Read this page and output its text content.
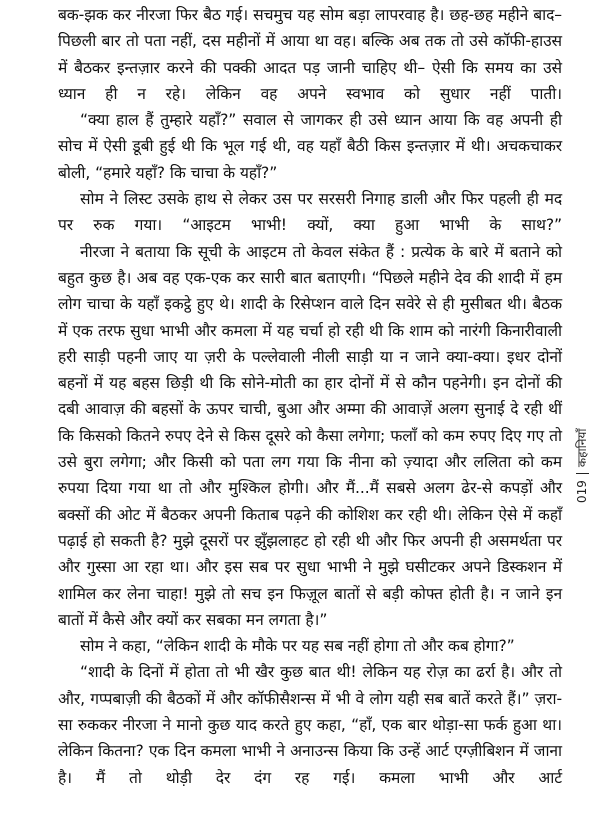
बक-झक कर नीरजा फिर बैठ गई। सचमुच यह सोम बड़ा लापरवाह है। छह-छह महीने बाद– पिछली बार तो पता नहीं, दस महीनों में आया था वह। बल्कि अब तक तो उसे कॉफी-हाउस में बैठकर इन्तज़ार करने की पक्की आदत पड़ जानी चाहिए थी– ऐसी कि समय का उसे ध्यान ही न रहे। लेकिन वह अपने स्वभाव को सुधार नहीं पाती।

“क्या हाल हैं तुम्हारे यहाँ?” सवाल से जागकर ही उसे ध्यान आया कि वह अपनी ही सोच में ऐसी डूबी हुई थी कि भूल गई थी, वह यहाँ बैठी किस इन्तज़ार में थी। अचकचाकर बोली, “हमारे यहाँ? कि चाचा के यहाँ?”

सोम ने लिस्ट उसके हाथ से लेकर उस पर सरसरी निगाह डाली और फिर पहली ही मद पर रुक गया। “आइटम भाभी! क्यों, क्या हुआ भाभी के साथ?”

नीरजा ने बताया कि सूची के आइटम तो केवल संकेत हैं : प्रत्येक के बारे में बताने को बहुत कुछ है। अब वह एक-एक कर सारी बात बताएगी। “पिछले महीने देव की शादी में हम लोग चाचा के यहाँ इकट्ठे हुए थे। शादी के रिसेप्शन वाले दिन सवेरे से ही मुसीबत थी। बैठक में एक तरफ सुधा भाभी और कमला में यह चर्चा हो रही थी कि शाम को नारंगी किनारीवाली हरी साड़ी पहनी जाए या ज़री के पल्लेवाली नीली साड़ी या न जाने क्या-क्या। इधर दोनों बहनों में यह बहस छिड़ी थी कि सोने-मोती का हार दोनों में से कौन पहनेगी। इन दोनों की दबी आवाज़ की बहसों के ऊपर चाची, बुआ और अम्मा की आवाज़ें अलग सुनाई दे रही थीं कि किसको कितने रुपए देने से किस दूसरे को कैसा लगेगा; फलाँ को कम रुपए दिए गए तो उसे बुरा लगेगा; और किसी को पता लग गया कि नीना को ज़्यादा और ललिता को कम रुपया दिया गया था तो और मुश्किल होगी। और मैं...मैं सबसे अलग ढेर-से कपड़ों और बक्सों की ओट में बैठकर अपनी किताब पढ़ने की कोशिश कर रही थी। लेकिन ऐसे में कहाँ पढ़ाई हो सकती है? मुझे दूसरों पर झुँझलाहट हो रही थी और फिर अपनी ही असमर्थता पर और गुस्सा आ रहा था। और इस सब पर सुधा भाभी ने मुझे घसीटकर अपने डिस्कशन में शामिल कर लेना चाहा! मुझे तो सच इन फिज़ूल बातों से बड़ी कोफ्त होती है। न जाने इन बातों में कैसे और क्यों कर सबका मन लगता है।”

सोम ने कहा, “लेकिन शादी के मौके पर यह सब नहीं होगा तो और कब होगा?”

“शादी के दिनों में होता तो भी खैर कुछ बात थी! लेकिन यह रोज़ का ढर्रा है। और तो और, गप्पबाज़ी की बैठकों में और कॉफीसैशन्स में भी वे लोग यही सब बातें करते हैं।” ज़रा-सा रुककर नीरजा ने मानो कुछ याद करते हुए कहा, “हाँ, एक बार थोड़ा-सा फर्क हुआ था। लेकिन कितना? एक दिन कमला भाभी ने अनाउन्स किया कि उन्हें आर्ट एग्ज़ीबिशन में जाना है। मैं तो थोड़ी देर दंग रह गई। कमला भाभी और आर्ट

019
कहानियाँ
